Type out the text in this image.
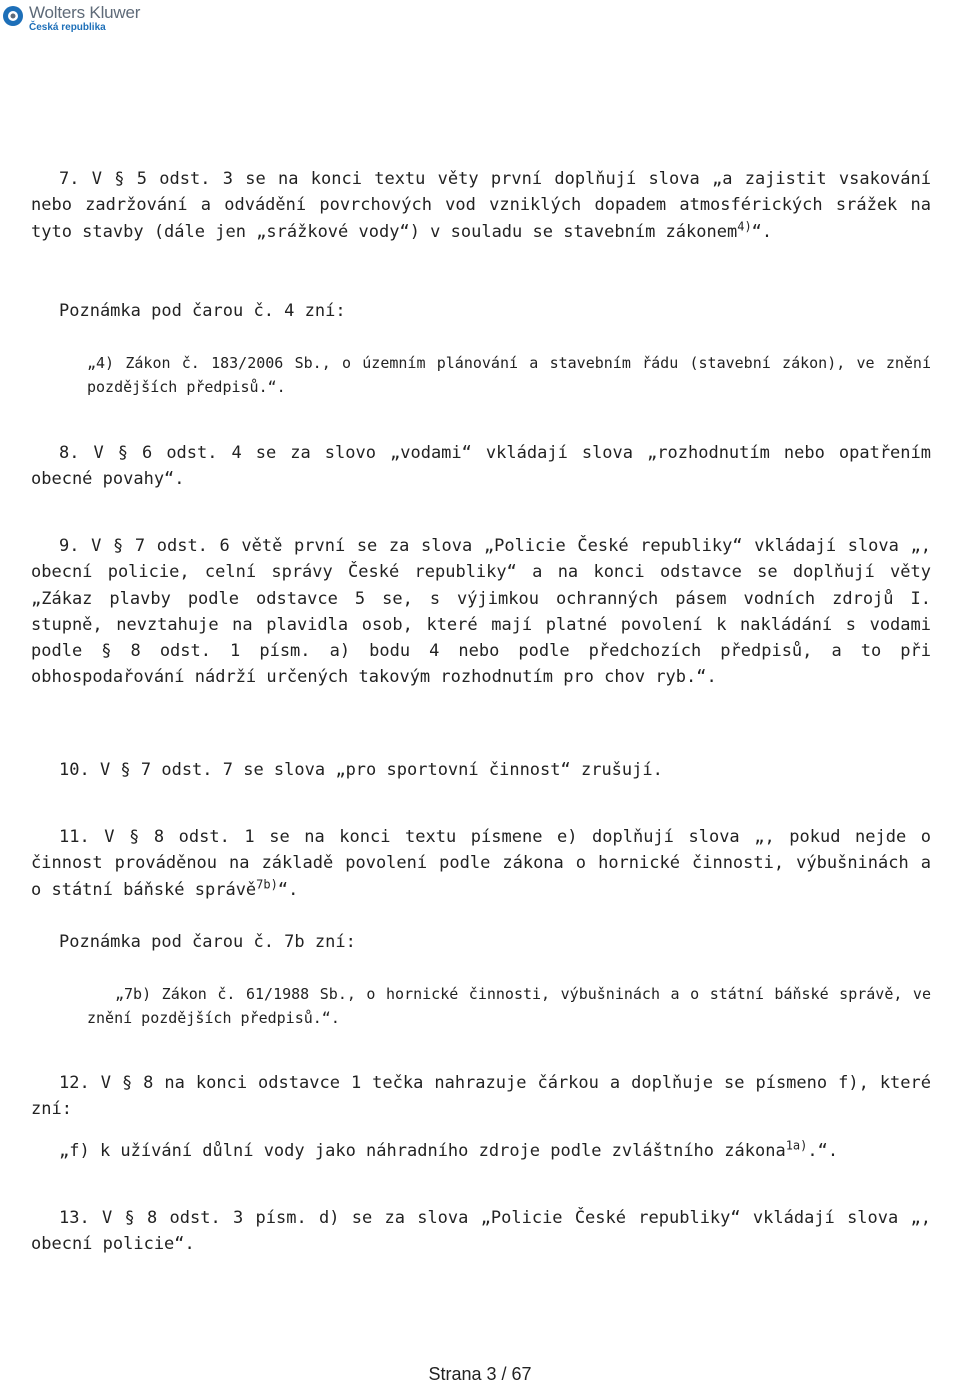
Wolters Kluwer
Česká republika

7. V § 5 odst. 3 se na konci textu věty první doplňují slova „a zajistit vsakování nebo zadržování a odvádění povrchových vod vzniklých dopadem atmosférických srážek na tyto stavby (dále jen „srážkové vody“) v souladu se stavebním zákonem$^{4)}$“.

Poznámka pod čarou č. 4 zní:

„4) Zákon č. 183/2006 Sb., o územním plánování a stavebním řádu (stavební zákon), ve znění pozdějších předpisů.“.

8. V § 6 odst. 4 se za slovo „vodami“ vkládají slova „rozhodnutím nebo opatřením obecné povahy“.

9. V § 7 odst. 6 větě první se za slova „Policie České republiky“ vkládají slova „, obecní policie, celní správy České republiky“ a na konci odstavce se doplňují věty „Zákaz plavby podle odstavce 5 se, s výjimkou ochranných pásem vodních zdrojů I. stupně, nevztahuje na plavidla osob, které mají platné povolení k nakládání s vodami podle § 8 odst. 1 písm. a) bodu 4 nebo podle předchozích předpisů, a to při obhospodařování nádrží určených takovým rozhodnutím pro chov ryb.“.

10. V § 7 odst. 7 se slova „pro sportovní činnost“ zrušují.

11. V § 8 odst. 1 se na konci textu písmene e) doplňují slova „, pokud nejde o činnost prováděnou na základě povolení podle zákona o hornické činnosti, výbušninách a o státní báňské správě$^{7b)}$“.

Poznámka pod čarou č. 7b zní:

„7b) Zákon č. 61/1988 Sb., o hornické činnosti, výbušninách a o státní báňské správě, ve znění pozdějších předpisů.“.

12. V § 8 na konci odstavce 1 tečka nahrazuje čárkou a doplňuje se písmeno f), které zní:

„f) k užívání důlní vody jako náhradního zdroje podle zvláštního zákona$^{1a)}$.“.

13. V § 8 odst. 3 písm. d) se za slova „Policie České republiky“ vkládají slova „, obecní policie“.

Strana 3 / 67
